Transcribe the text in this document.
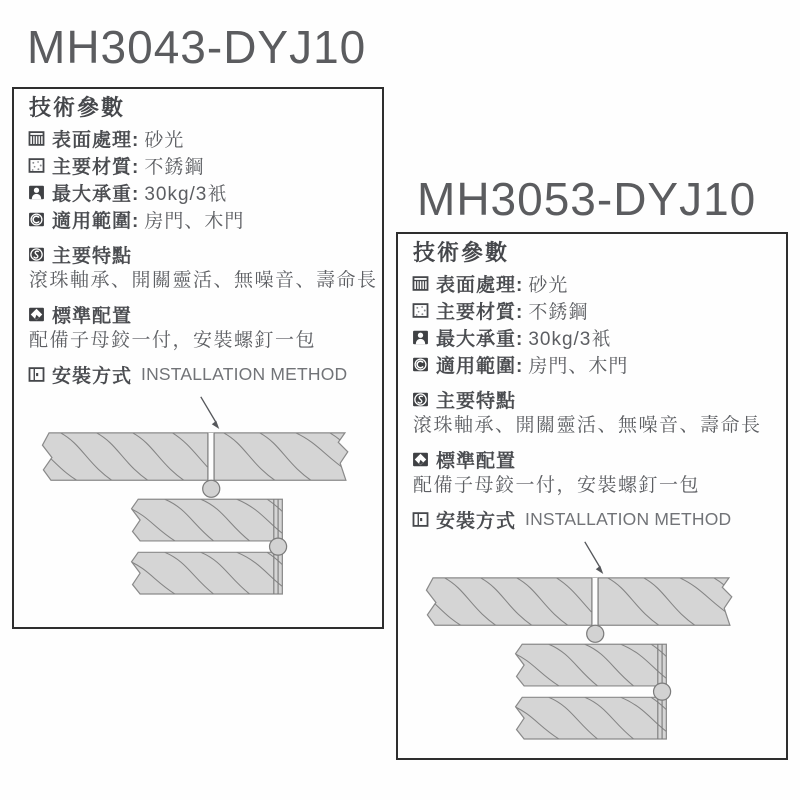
MH3043-DYJ10
技術參數
表面處理: 砂光
主要材質: 不銹鋼
最大承重: 30kg/3衹
適用範圍: 房門、木門
主要特點
滾珠軸承、開關靈活、無噪音、壽命長
標準配置
配備子母鉸一付，安裝螺釘一包
安裝方式 INSTALLATION METHOD
MH3053-DYJ10
技術參數
表面處理: 砂光
主要材質: 不銹鋼
最大承重: 30kg/3衹
適用範圍: 房門、木門
主要特點
滾珠軸承、開關靈活、無噪音、壽命長
標準配置
配備子母鉸一付，安裝螺釘一包
安裝方式 INSTALLATION METHOD
